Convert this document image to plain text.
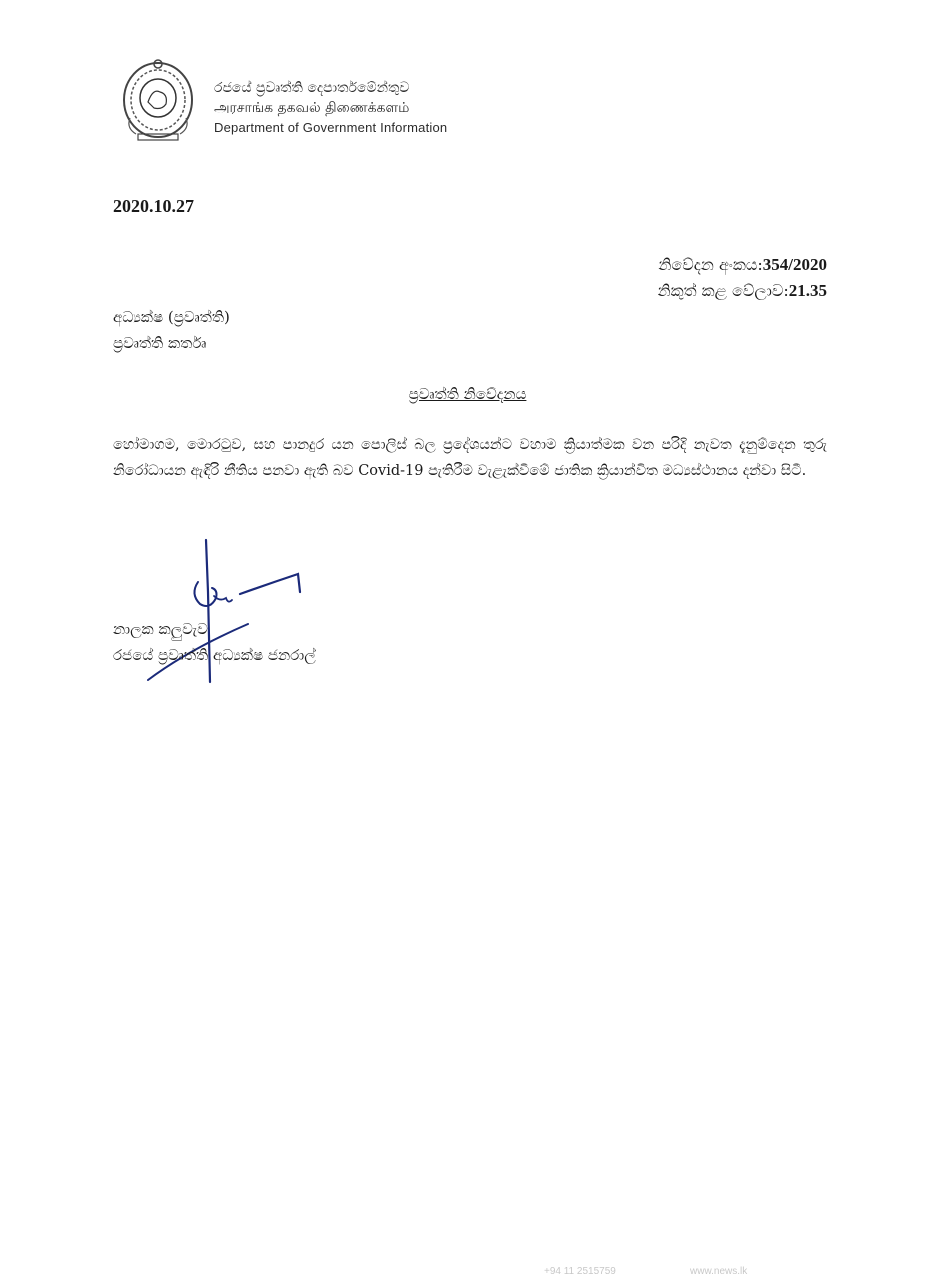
රජයේ ප්‍රවෘත්ති දෙපාර්තමේන්තුව
அரசாங்க தகவல் திணைக்களம்
Department of Government Information
2020.10.27
නිවේදන අංකය:354/2020
නිකුත් කළ වේලාව:21.35
අධ්‍යක්ෂ (ප්‍රවෘත්ති)
ප්‍රවෘත්ති කර්තෘ
ප්‍රවෘත්ති නිවේදනය
හෝමාගම, මොරටුව, සහ පානදුර යන පොලිස් බල ප්‍රදේශයන්ට වහාම ක්‍රියාත්මක වන පරිදි නැවත දැනුම්දෙන තුරු නිරෝධායන ඇඳිරි නීතිය පනවා ඇති බව Covid-19 පැතිරීම වැළැක්වීමේ ජාතික ක්‍රියාන්විත මධ්‍යස්ථානය දන්වා සිටී.
නාලක කලුවැව
රජයේ ප්‍රවෘත්ති අධ්‍යක්ෂ ජනරාල්
+94 11 2515759	www.news.lk
